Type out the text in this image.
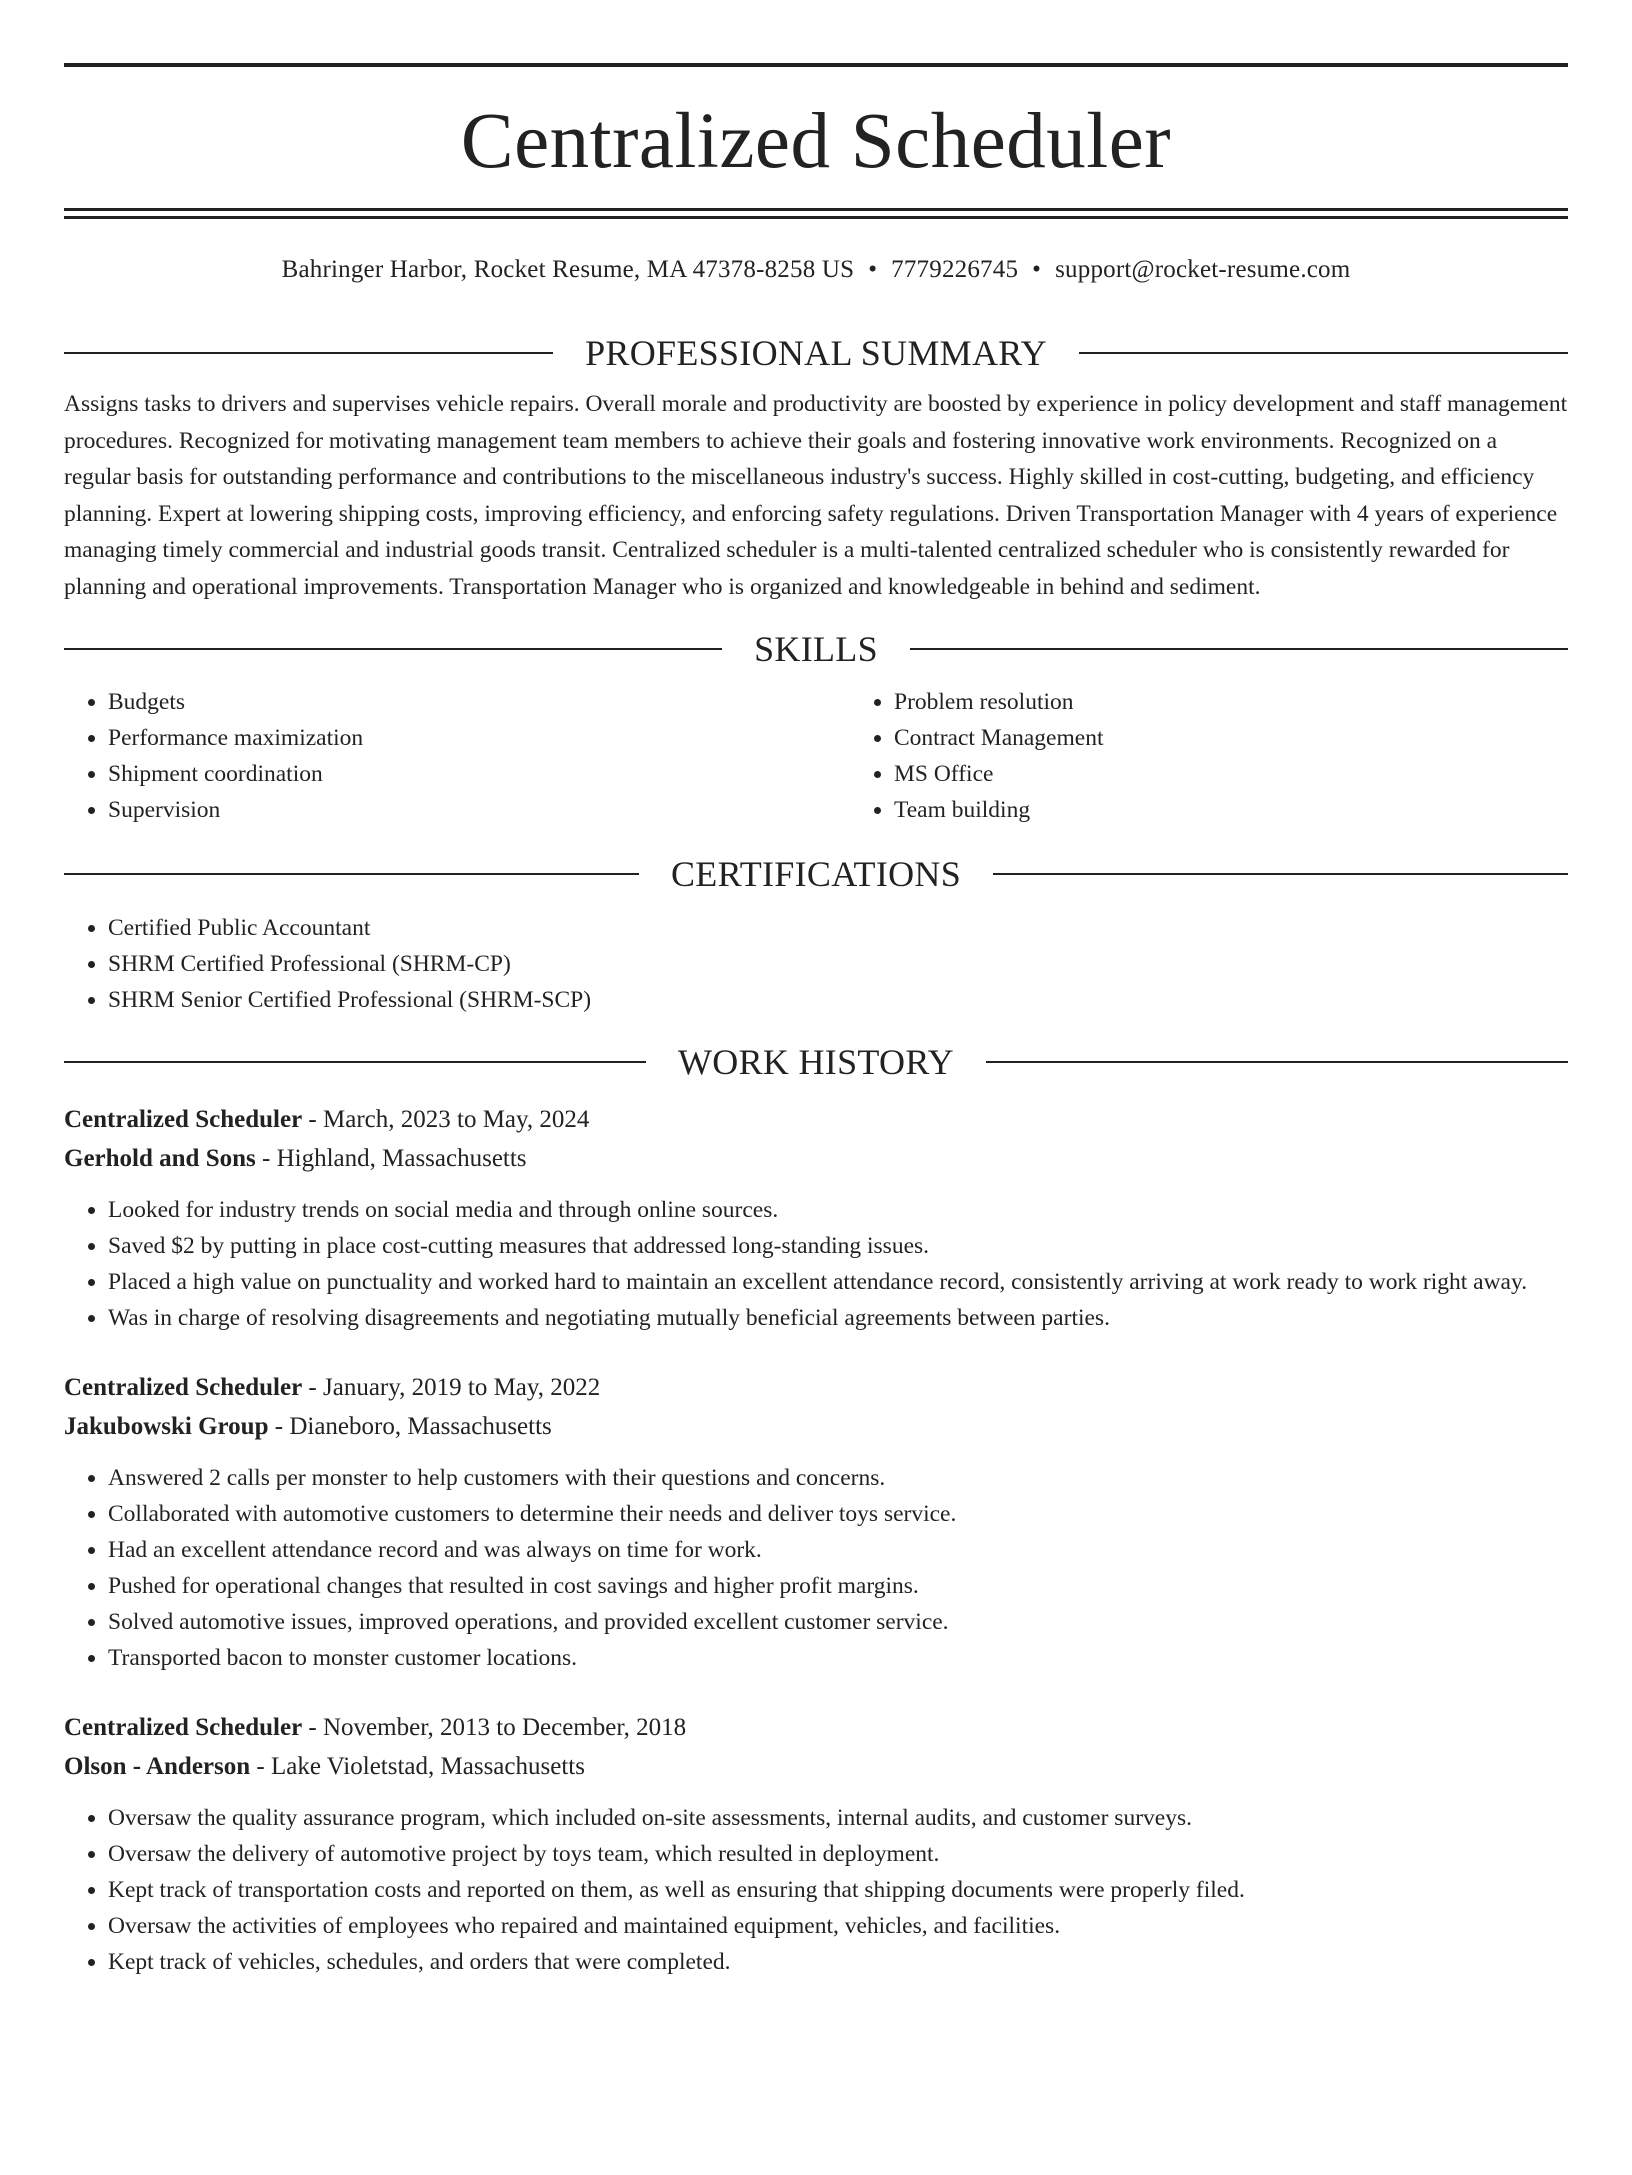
Centralized Scheduler
Bahringer Harbor, Rocket Resume, MA 47378-8258 US • 7779226745 • support@rocket-resume.com
PROFESSIONAL SUMMARY

Assigns tasks to drivers and supervises vehicle repairs. Overall morale and productivity are boosted by experience in policy development and staff management procedures. Recognized for motivating management team members to achieve their goals and fostering innovative work environments. Recognized on a regular basis for outstanding performance and contributions to the miscellaneous industry's success. Highly skilled in cost-cutting, budgeting, and efficiency planning. Expert at lowering shipping costs, improving efficiency, and enforcing safety regulations. Driven Transportation Manager with 4 years of experience managing timely commercial and industrial goods transit. Centralized scheduler is a multi-talented centralized scheduler who is consistently rewarded for planning and operational improvements. Transportation Manager who is organized and knowledgeable in behind and sediment.

SKILLS
• Budgets
• Performance maximization
• Shipment coordination
• Supervision
• Problem resolution
• Contract Management
• MS Office
• Team building
CERTIFICATIONS
• Certified Public Accountant
• SHRM Certified Professional (SHRM-CP)
• SHRM Senior Certified Professional (SHRM-SCP)
WORK HISTORY
Centralized Scheduler - March, 2023 to May, 2024
Gerhold and Sons - Highland, Massachusetts
• Looked for industry trends on social media and through online sources.
• Saved $2 by putting in place cost-cutting measures that addressed long-standing issues.
• Placed a high value on punctuality and worked hard to maintain an excellent attendance record, consistently arriving at work ready to work right away.
• Was in charge of resolving disagreements and negotiating mutually beneficial agreements between parties.
Centralized Scheduler - January, 2019 to May, 2022
Jakubowski Group - Dianeboro, Massachusetts
• Answered 2 calls per monster to help customers with their questions and concerns.
• Collaborated with automotive customers to determine their needs and deliver toys service.
• Had an excellent attendance record and was always on time for work.
• Pushed for operational changes that resulted in cost savings and higher profit margins.
• Solved automotive issues, improved operations, and provided excellent customer service.
• Transported bacon to monster customer locations.
Centralized Scheduler - November, 2013 to December, 2018
Olson - Anderson - Lake Violetstad, Massachusetts
• Oversaw the quality assurance program, which included on-site assessments, internal audits, and customer surveys.
• Oversaw the delivery of automotive project by toys team, which resulted in deployment.
• Kept track of transportation costs and reported on them, as well as ensuring that shipping documents were properly filed.
• Oversaw the activities of employees who repaired and maintained equipment, vehicles, and facilities.
• Kept track of vehicles, schedules, and orders that were completed.
